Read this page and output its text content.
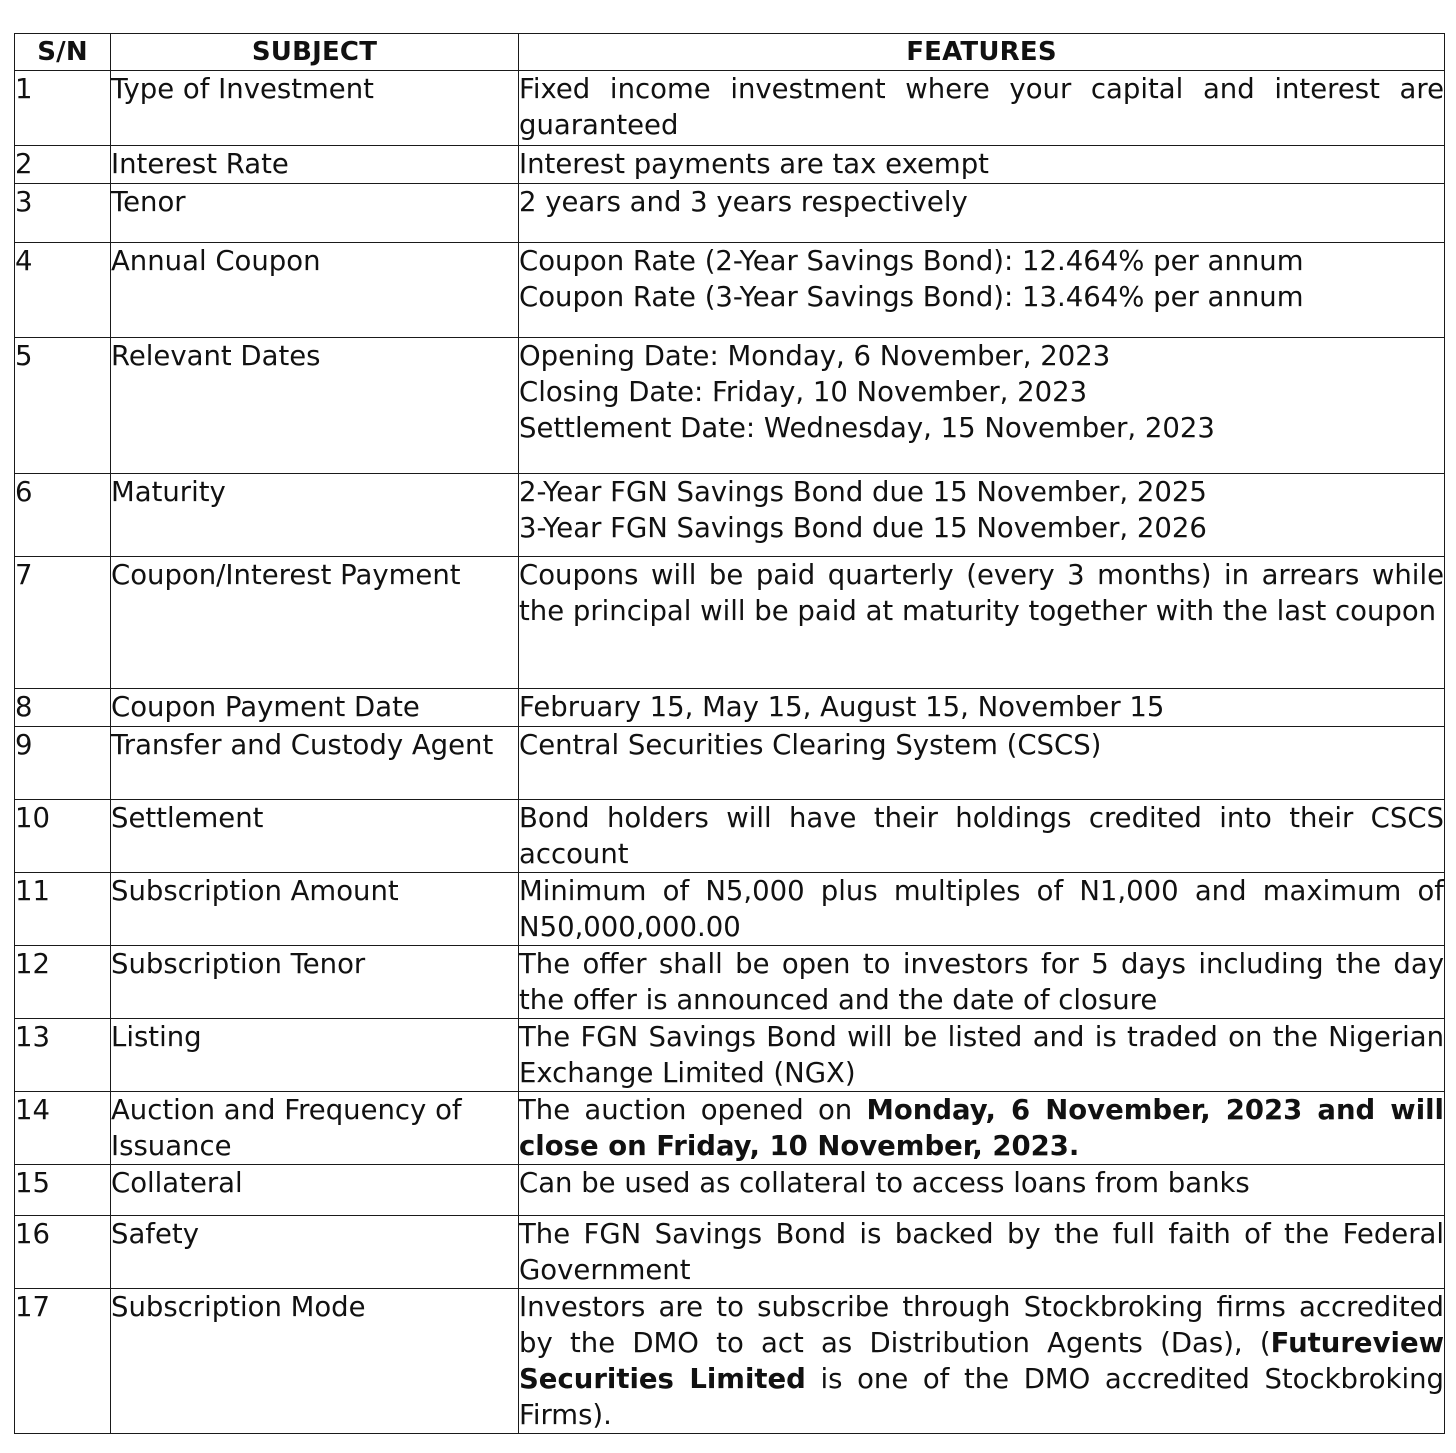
S/N	SUBJECT	FEATURES
1	Type of Investment	Fixed income investment where your capital and interest are guaranteed
2	Interest Rate	Interest payments are tax exempt
3	Tenor	2 years and 3 years respectively
4	Annual Coupon	Coupon Rate (2-Year Savings Bond): 12.464% per annum
Coupon Rate (3-Year Savings Bond): 13.464% per annum

5	Relevant Dates	Opening Date: Monday, 6 November, 2023
Closing Date: Friday, 10 November, 2023
Settlement Date: Wednesday, 15 November, 2023

6	Maturity	2-Year FGN Savings Bond due 15 November, 2025
3-Year FGN Savings Bond due 15 November, 2026

7	Coupon/Interest Payment	Coupons will be paid quarterly (every 3 months) in arrears while the principal will be paid at maturity together with the last coupon
8	Coupon Payment Date	February 15, May 15, August 15, November 15
9	Transfer and Custody Agent	Central Securities Clearing System (CSCS)
10	Settlement	Bond holders will have their holdings credited into their CSCS account
11	Subscription Amount	Minimum of N5,000 plus multiples of N1,000 and maximum of N50,000,000.00
12	Subscription Tenor	The offer shall be open to investors for 5 days including the day the offer is announced and the date of closure
13	Listing	The FGN Savings Bond will be listed and is traded on the Nigerian Exchange Limited (NGX)
14	Auction and Frequency of Issuance	The auction opened on Monday, 6 November, 2023 and will close on Friday, 10 November, 2023.
15	Collateral	Can be used as collateral to access loans from banks
16	Safety	The FGN Savings Bond is backed by the full faith of the Federal Government
17	Subscription Mode	Investors are to subscribe through Stockbroking firms accredited by the DMO to act as Distribution Agents (Das), (Futureview Securities Limited is one of the DMO accredited Stockbroking Firms).
